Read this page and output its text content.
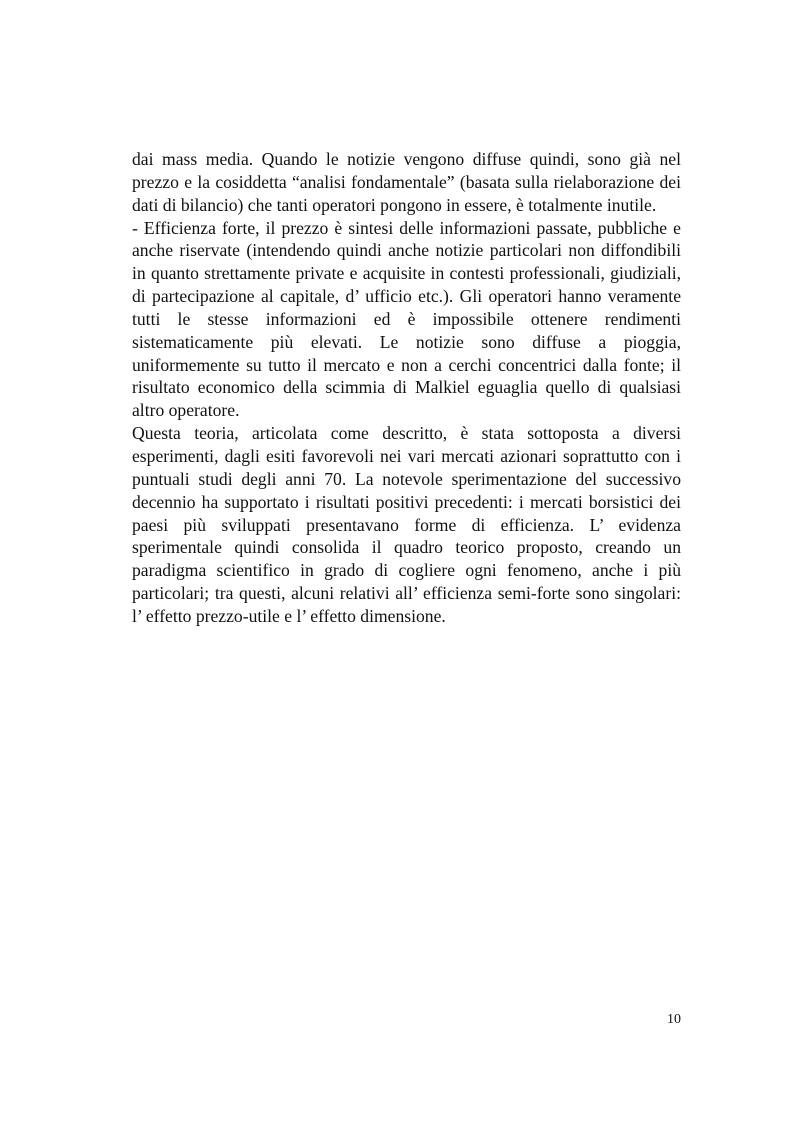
dai mass media. Quando le notizie vengono diffuse quindi, sono già nel prezzo e la cosiddetta “analisi fondamentale” (basata sulla rielaborazione dei dati di bilancio) che tanti operatori pongono in essere, è totalmente inutile.

- Efficienza forte, il prezzo è sintesi delle informazioni passate, pubbliche e anche riservate (intendendo quindi anche notizie particolari non diffondibili in quanto strettamente private e acquisite in contesti professionali, giudiziali, di partecipazione al capitale, d’ ufficio etc.). Gli operatori hanno veramente tutti le stesse informazioni ed è impossibile ottenere rendimenti sistematicamente più elevati. Le notizie sono diffuse a pioggia, uniformemente su tutto il mercato e non a cerchi concentrici dalla fonte; il risultato economico della scimmia di Malkiel eguaglia quello di qualsiasi altro operatore.

Questa teoria, articolata come descritto, è stata sottoposta a diversi esperimenti, dagli esiti favorevoli nei vari mercati azionari soprattutto con i puntuali studi degli anni 70. La notevole sperimentazione del successivo decennio ha supportato i risultati positivi precedenti: i mercati borsistici dei paesi più sviluppati presentavano forme di efficienza. L’ evidenza sperimentale quindi consolida il quadro teorico proposto, creando un paradigma scientifico in grado di cogliere ogni fenomeno, anche i più particolari; tra questi, alcuni relativi all’ efficienza semi-forte sono singolari: l’ effetto prezzo-utile e l’ effetto dimensione.

10
